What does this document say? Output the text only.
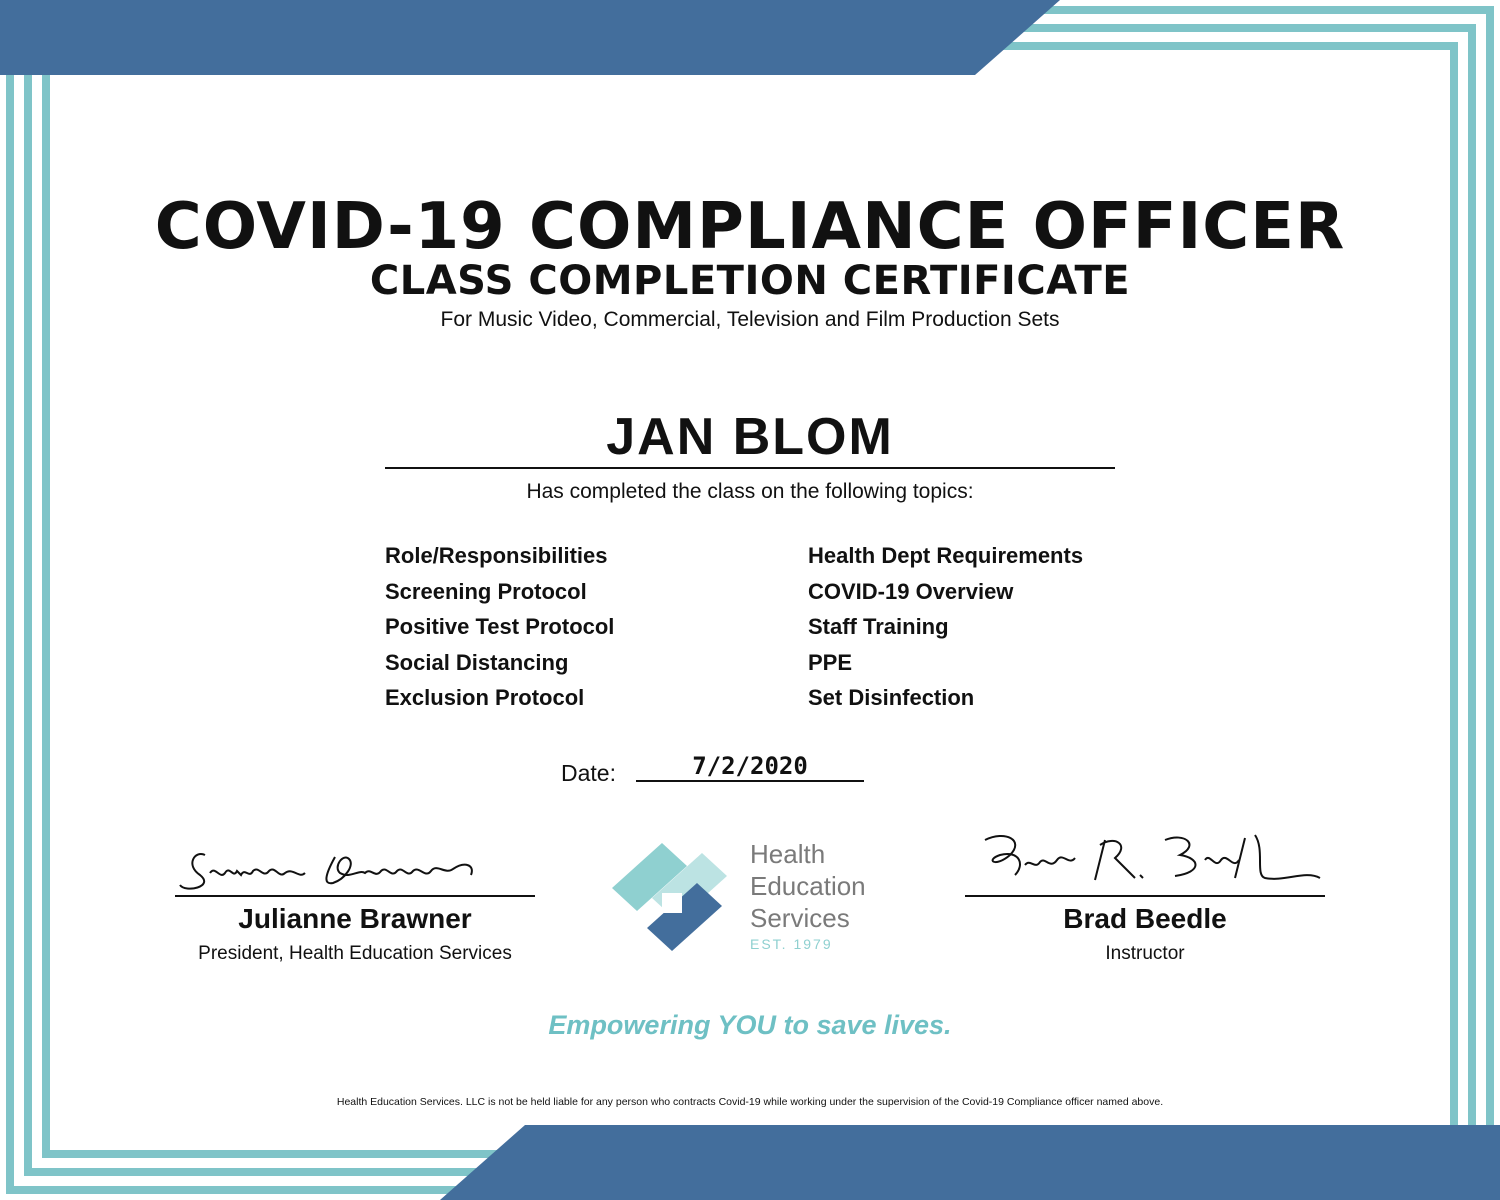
COVID-19 COMPLIANCE OFFICER
CLASS COMPLETION CERTIFICATE
For Music Video, Commercial, Television and Film Production Sets
JAN BLOM
Has completed the class on the following topics:
Role/Responsibilities
Screening Protocol
Positive Test Protocol
Social Distancing
Exclusion Protocol
Health Dept Requirements
COVID-19 Overview
Staff Training
PPE
Set Disinfection
Date:	7/2/2020
Julianne Brawner
President, Health Education Services
Health
Education
Services
EST. 1979
Brad Beedle
Instructor
Empowering YOU to save lives.
Health Education Services. LLC is not be held liable for any person who contracts Covid-19 while working under the supervision of the Covid-19 Compliance officer named above.
